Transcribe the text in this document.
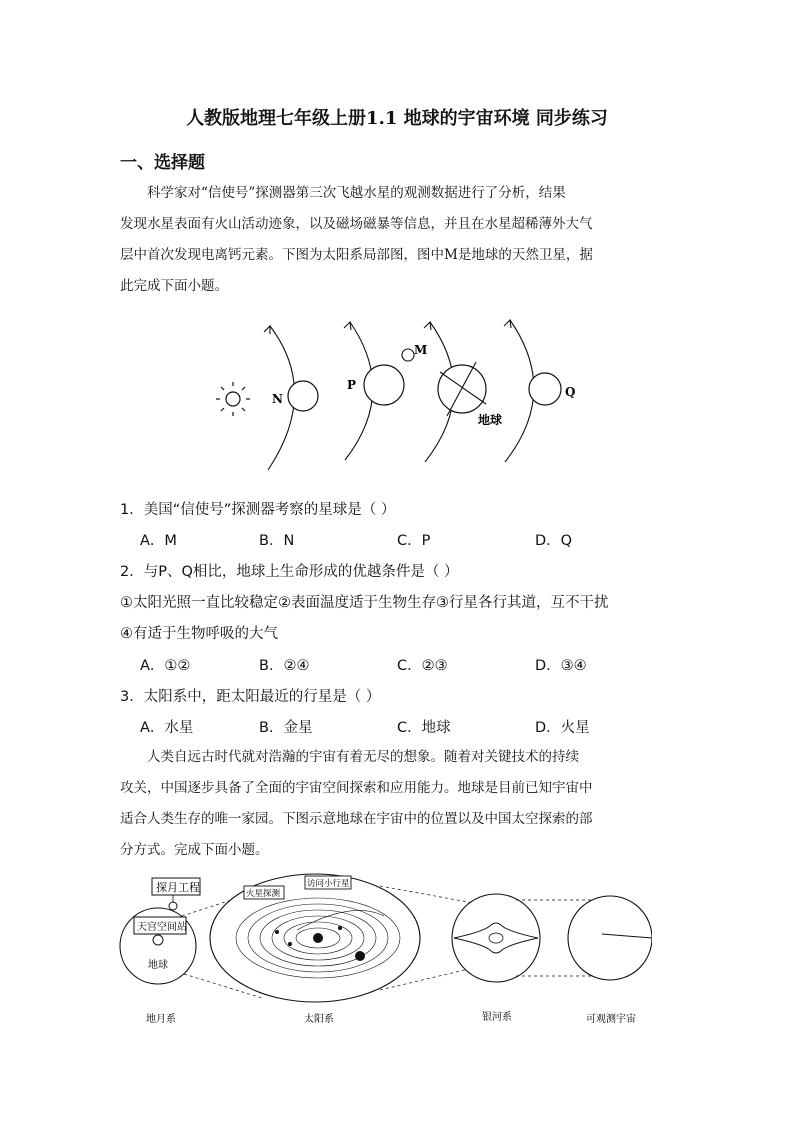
人教版地理七年级上册1.1 地球的宇宙环境 同步练习
一、选择题

科学家对“信使号”探测器第三次飞越水星的观测数据进行了分析，结果

发现水星表面有火山活动迹象，以及磁场磁暴等信息，并且在水星超稀薄外大气

层中首次发现电离钙元素。下图为太阳系局部图，图中M是地球的天然卫星，据

此完成下面小题。

N
P
M
Q
地球
1．美国“信使号”探测器考察的星球是（ ）
A．M	B．N	C．P	D．Q
2．与P、Q相比，地球上生命形成的优越条件是（ ）
①太阳光照一直比较稳定②表面温度适于生物生存③行星各行其道，互不干扰
④有适于生物呼吸的大气
A．①②	B．②④	C．②③	D．③④
3．太阳系中，距太阳最近的行星是（ ）
A．水星	B．金星	C．地球	D．火星

人类自远古时代就对浩瀚的宇宙有着无尽的想象。随着对关键技术的持续

攻关，中国逐步具备了全面的宇宙空间探索和应用能力。地球是目前已知宇宙中

适合人类生存的唯一家园。下图示意地球在宇宙中的位置以及中国太空探索的部

分方式。完成下面小题。

探月工程
天宫空间站
地球
火星探测
访问小行星
地月系	太阳系	银河系	可观测宇宙
